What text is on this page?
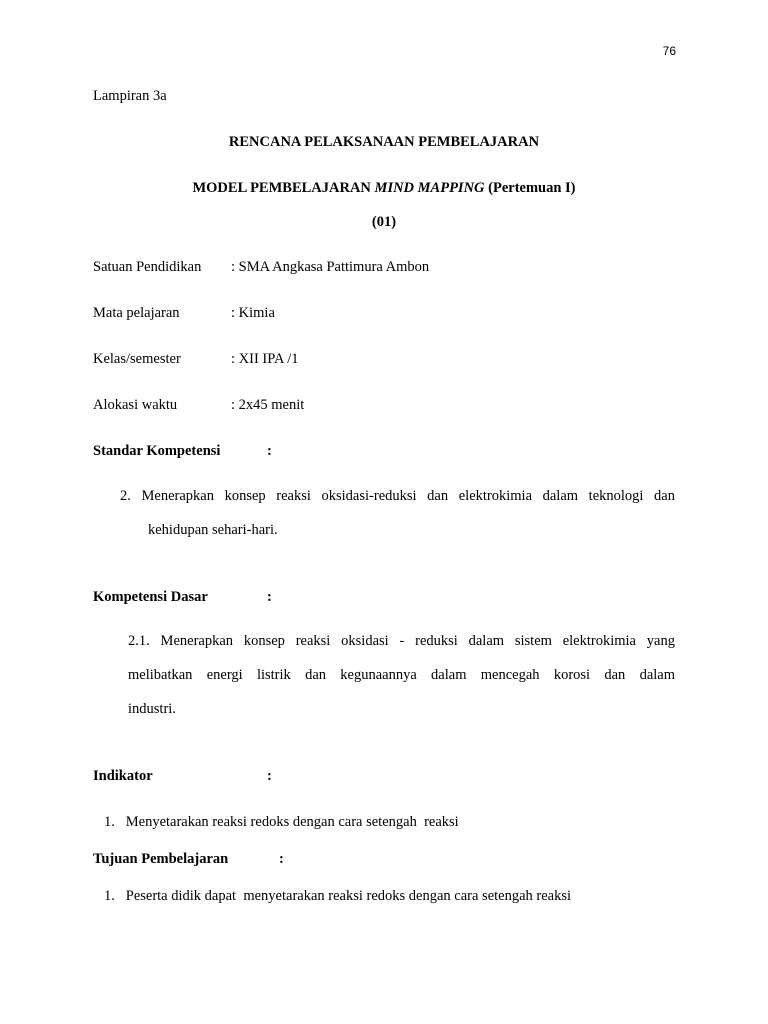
76
Lampiran 3a
RENCANA PELAKSANAAN PEMBELAJARAN
MODEL PEMBELAJARAN MIND MAPPING (Pertemuan I)
(01)
Satuan Pendidikan : SMA Angkasa Pattimura Ambon
Mata pelajaran	: Kimia
Kelas/semester	: XII IPA /1
Alokasi waktu	: 2x45 menit
Standar Kompetensi	:
2. Menerapkan konsep reaksi oksidasi-reduksi dan elektrokimia dalam teknologi dan
kehidupan sehari-hari.
Kompetensi Dasar	:
2.1. Menerapkan konsep reaksi oksidasi - reduksi dalam sistem elektrokimia yang
melibatkan energi listrik dan kegunaannya dalam mencegah korosi dan dalam
industri.
Indikator	:
1.   Menyetarakan reaksi redoks dengan cara setengah  reaksi
Tujuan Pembelajaran	:
1.   Peserta didik dapat  menyetarakan reaksi redoks dengan cara setengah reaksi
